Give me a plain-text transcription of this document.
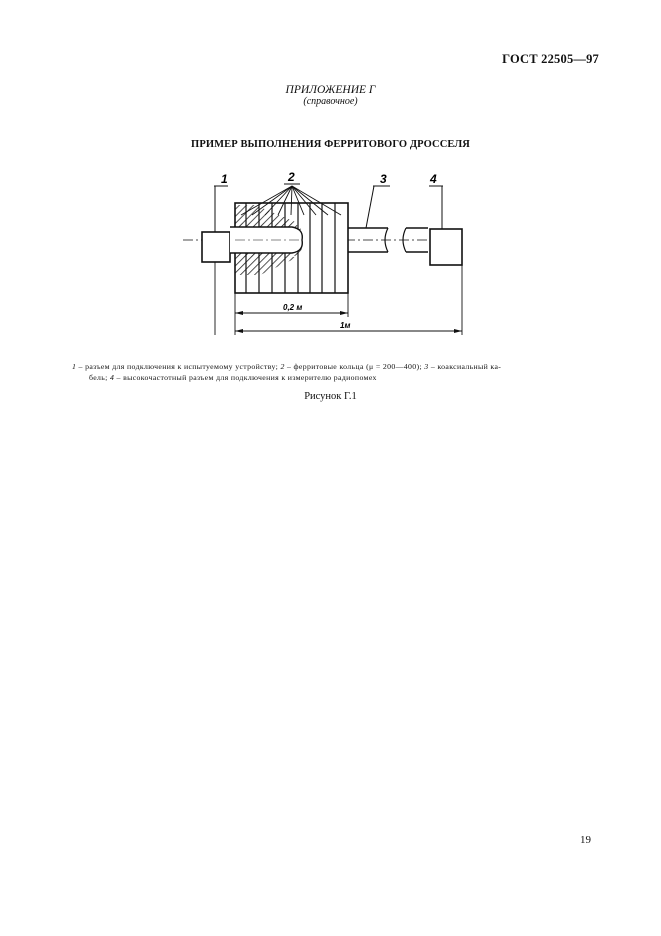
ГОСТ 22505—97
ПРИЛОЖЕНИЕ Г
(справочное)
ПРИМЕР ВЫПОЛНЕНИЯ ФЕРРИТОВОГО ДРОССЕЛЯ
1	2	3	4
0,2 м
1м
1 – разъем для подключения к испытуемому устройству; 2 – ферритовые кольца (μ = 200—400); 3 – коаксиальный ка-
бель; 4 – высокочастотный разъем для подключения к измерителю радиопомех
Рисунок Г.1
19
